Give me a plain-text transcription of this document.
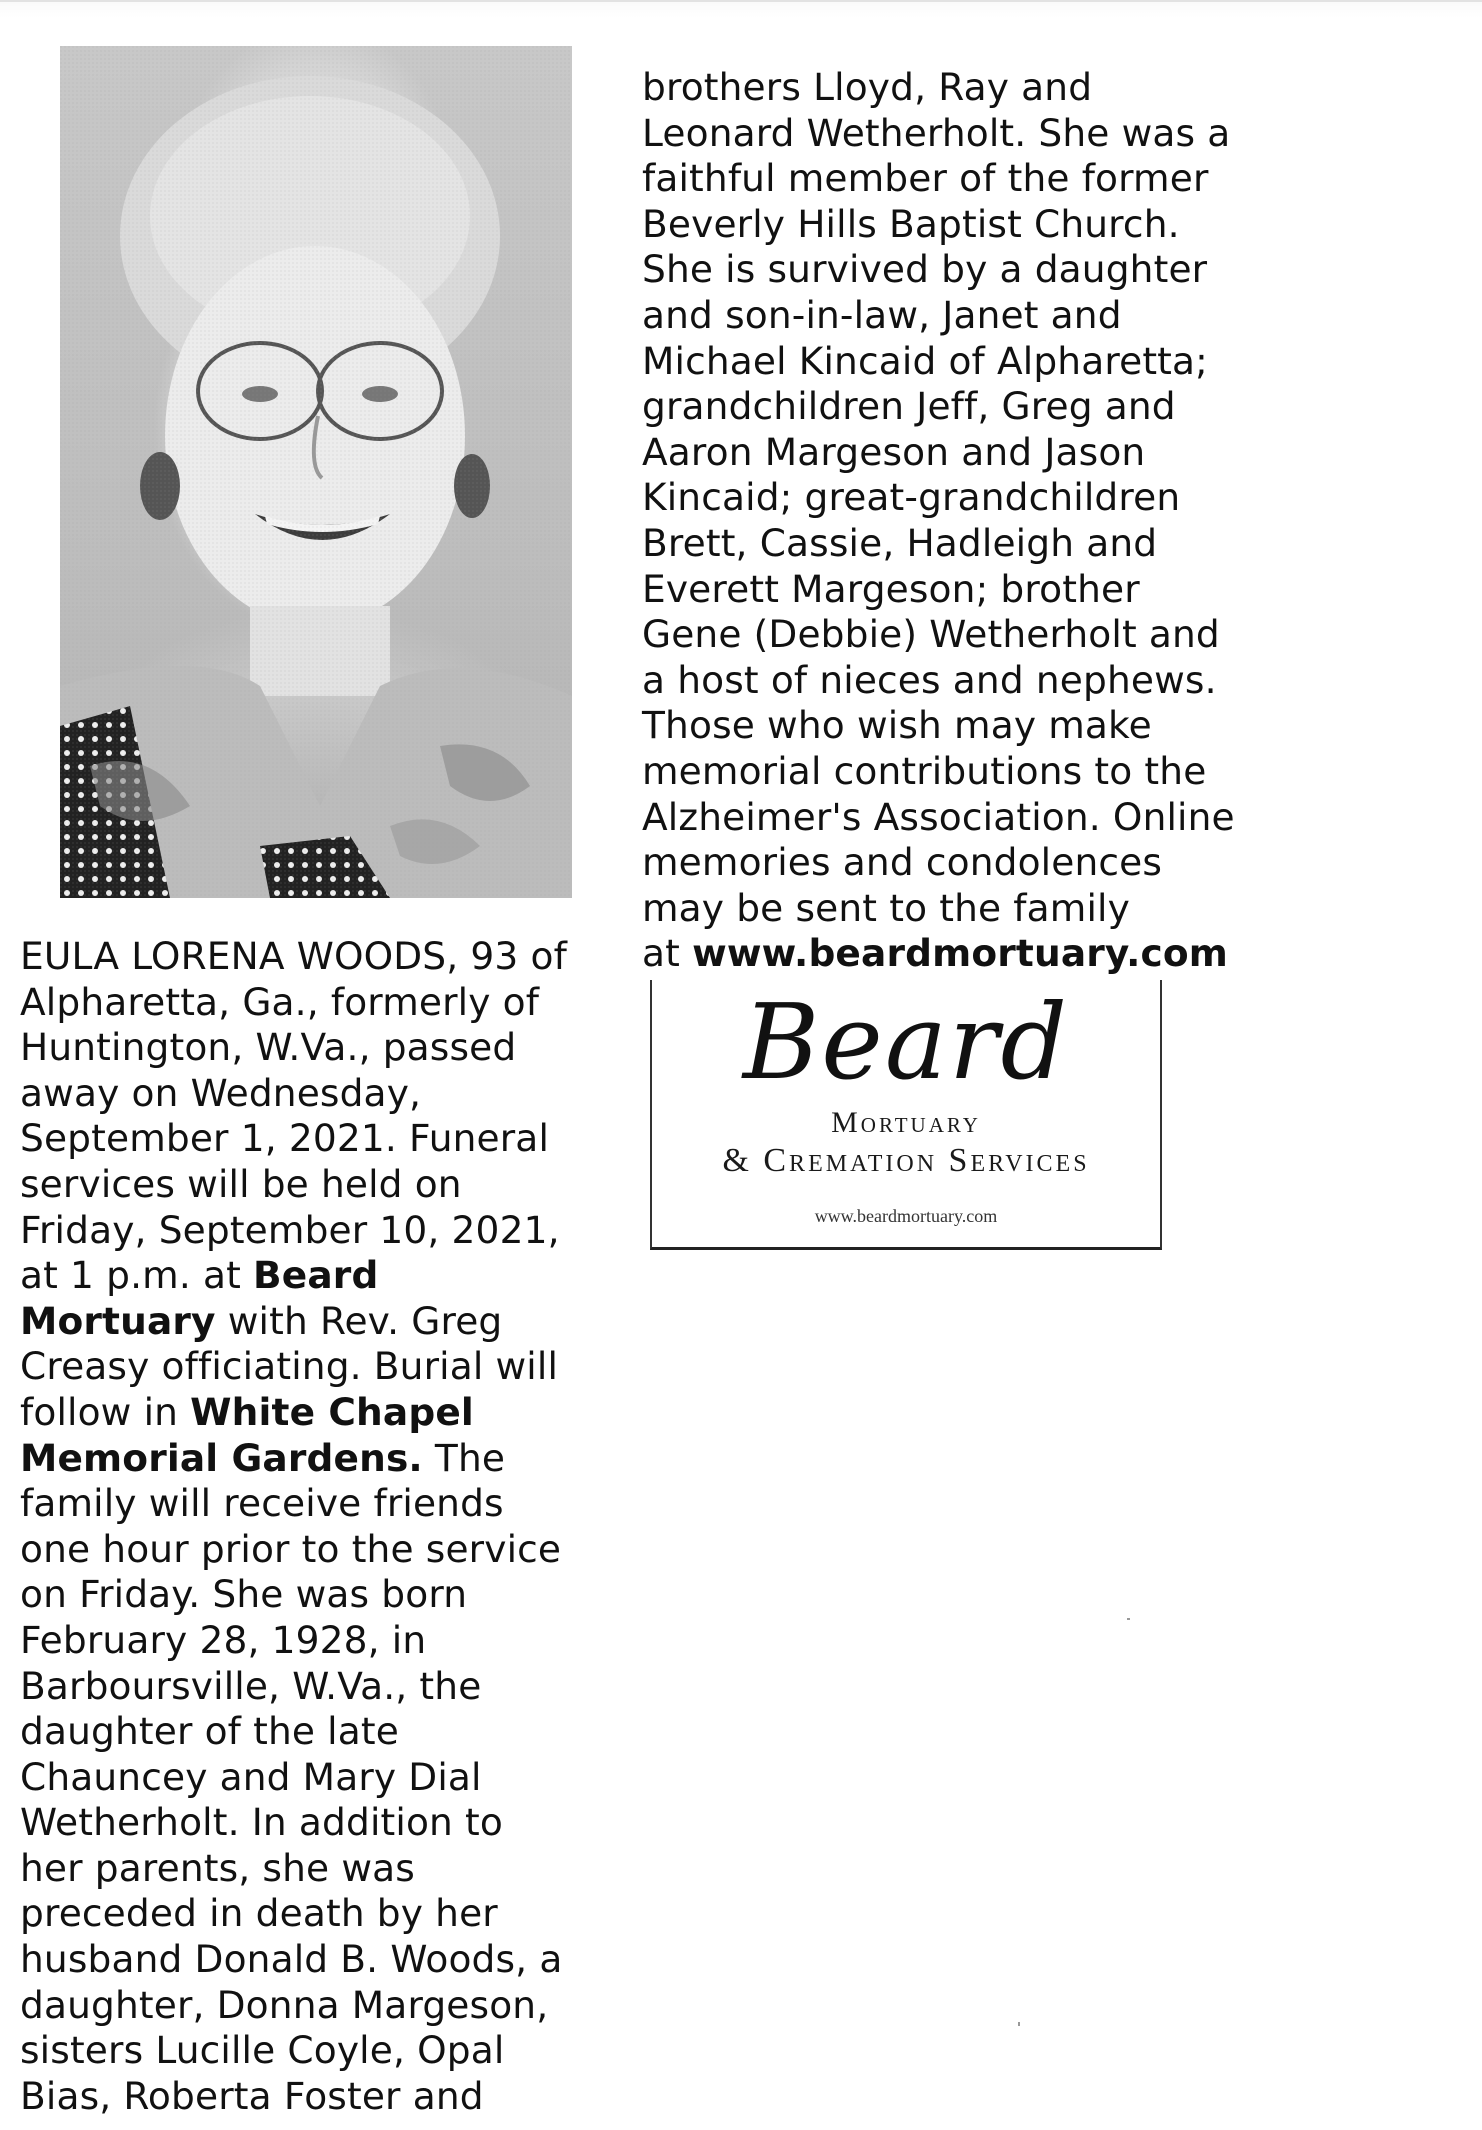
EULA LORENA WOODS, 93 of
Alpharetta, Ga., formerly of
Huntington, W.Va., passed
away on Wednesday,
September 1, 2021. Funeral
services will be held on
Friday, September 10, 2021,
at 1 p.m. at Beard
Mortuary with Rev. Greg
Creasy officiating. Burial will
follow in White Chapel
Memorial Gardens. The
family will receive friends
one hour prior to the service
on Friday. She was born
February 28, 1928, in
Barboursville, W.Va., the
daughter of the late
Chauncey and Mary Dial
Wetherholt. In addition to
her parents, she was
preceded in death by her
husband Donald B. Woods, a
daughter, Donna Margeson,
sisters Lucille Coyle, Opal
Bias, Roberta Foster and
brothers Lloyd, Ray and
Leonard Wetherholt. She was a
faithful member of the former
Beverly Hills Baptist Church.
She is survived by a daughter
and son-in-law, Janet and
Michael Kincaid of Alpharetta;
grandchildren Jeff, Greg and
Aaron Margeson and Jason
Kincaid; great-grandchildren
Brett, Cassie, Hadleigh and
Everett Margeson; brother
Gene (Debbie) Wetherholt and
a host of nieces and nephews.
Those who wish may make
memorial contributions to the
Alzheimer's Association. Online
memories and condolences
may be sent to the family
at www.beardmortuary.com
Beard
Mortuary
& Cremation Services
www.beardmortuary.com
